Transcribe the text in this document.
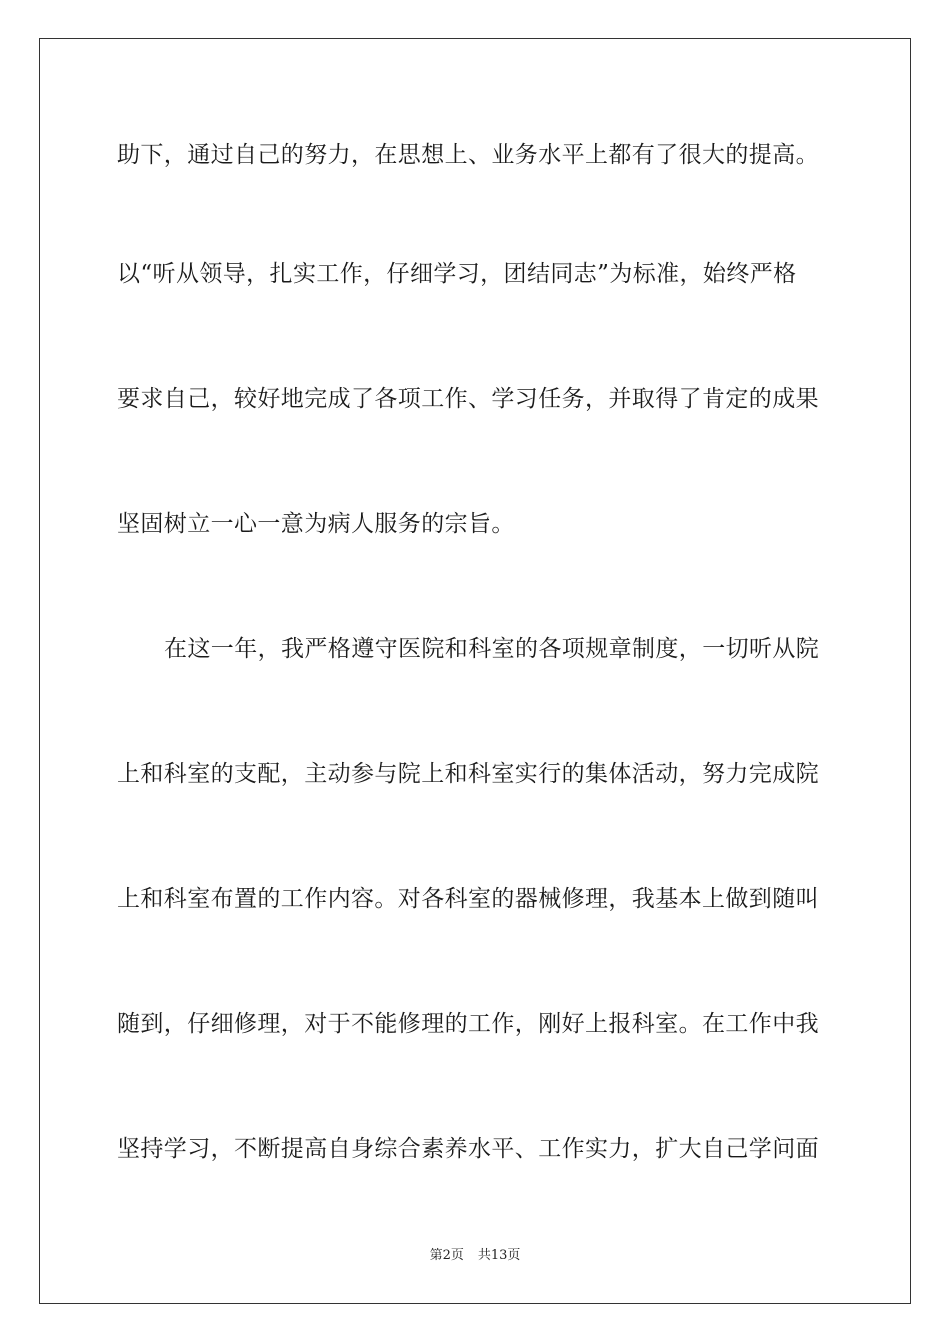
助下，通过自己的努力，在思想上、业务水平上都有了很大的提高。
以“听从领导，扎实工作，仔细学习，团结同志”为标准，始终严格
要求自己，较好地完成了各项工作、学习任务，并取得了肯定的成果
坚固树立一心一意为病人服务的宗旨。
在这一年，我严格遵守医院和科室的各项规章制度，一切听从院
上和科室的支配，主动参与院上和科室实行的集体活动，努力完成院
上和科室布置的工作内容。对各科室的器械修理，我基本上做到随叫
随到，仔细修理，对于不能修理的工作，刚好上报科室。在工作中我
坚持学习，不断提高自身综合素养水平、工作实力，扩大自己学问面
第2页 共13页
